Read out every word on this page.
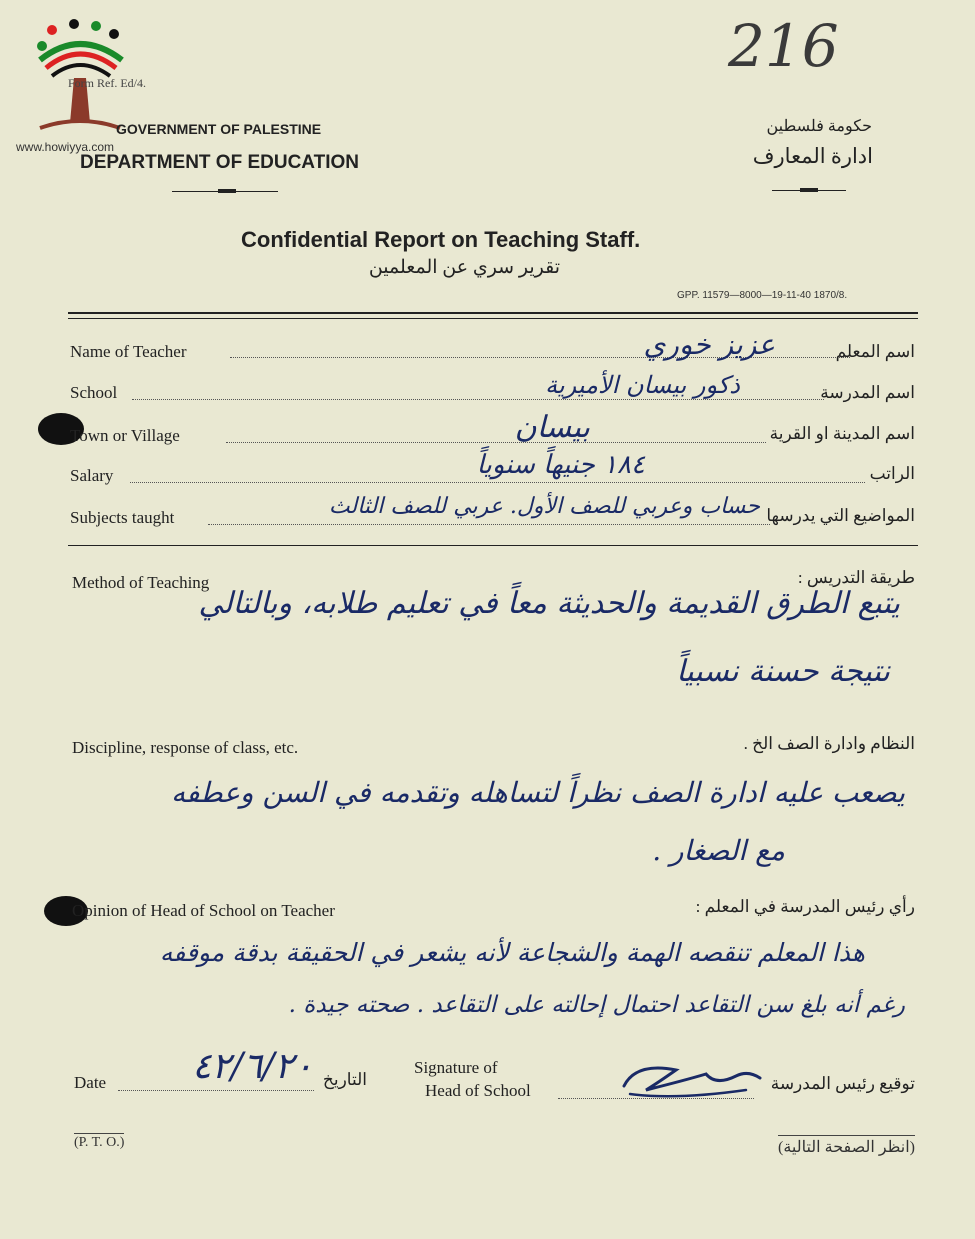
www.howiyya.com
Form Ref. Ed/4.
216
GOVERNMENT OF PALESTINE
DEPARTMENT OF EDUCATION
حكومة فلسطين
ادارة المعارف
Confidential Report on Teaching Staff.
تقرير سري عن المعلمين
GPP. 11579—8000—19-11-40 1870/8.
Name of Teacher	اسم المعلم
عزيز خوري
School	اسم المدرسة
ذكور بيسان الأميرية
Town or Village	اسم المدينة او القرية
بيسان
Salary	الراتب
١٨٤ جنيهاً سنوياً
Subjects taught	المواضيع التي يدرسها
حساب وعربي للصف الأول. عربي للصف الثالث
Method of Teaching	طريقة التدريس :
يتبع الطرق القديمة والحديثة معاً في تعليم طلابه، وبالتالي
نتيجة حسنة نسبياً
Discipline, response of class, etc.	النظام وادارة الصف الخ .
يصعب عليه ادارة الصف نظراً لتساهله وتقدمه في السن وعطفه
مع الصغار .
Opinion of Head of School on Teacher	رأي رئيس المدرسة في المعلم :
هذا المعلم تنقصه الهمة والشجاعة لأنه يشعر في الحقيقة بدقة موقفه
رغم أنه بلغ سن التقاعد احتمال إحالته على التقاعد . صحته جيدة .
Date ٤٢/٦/٢٠ التاريخ
Signature of
Head of School	توقيع رئيس المدرسة
(P. T. O.)	(انظر الصفحة التالية)
